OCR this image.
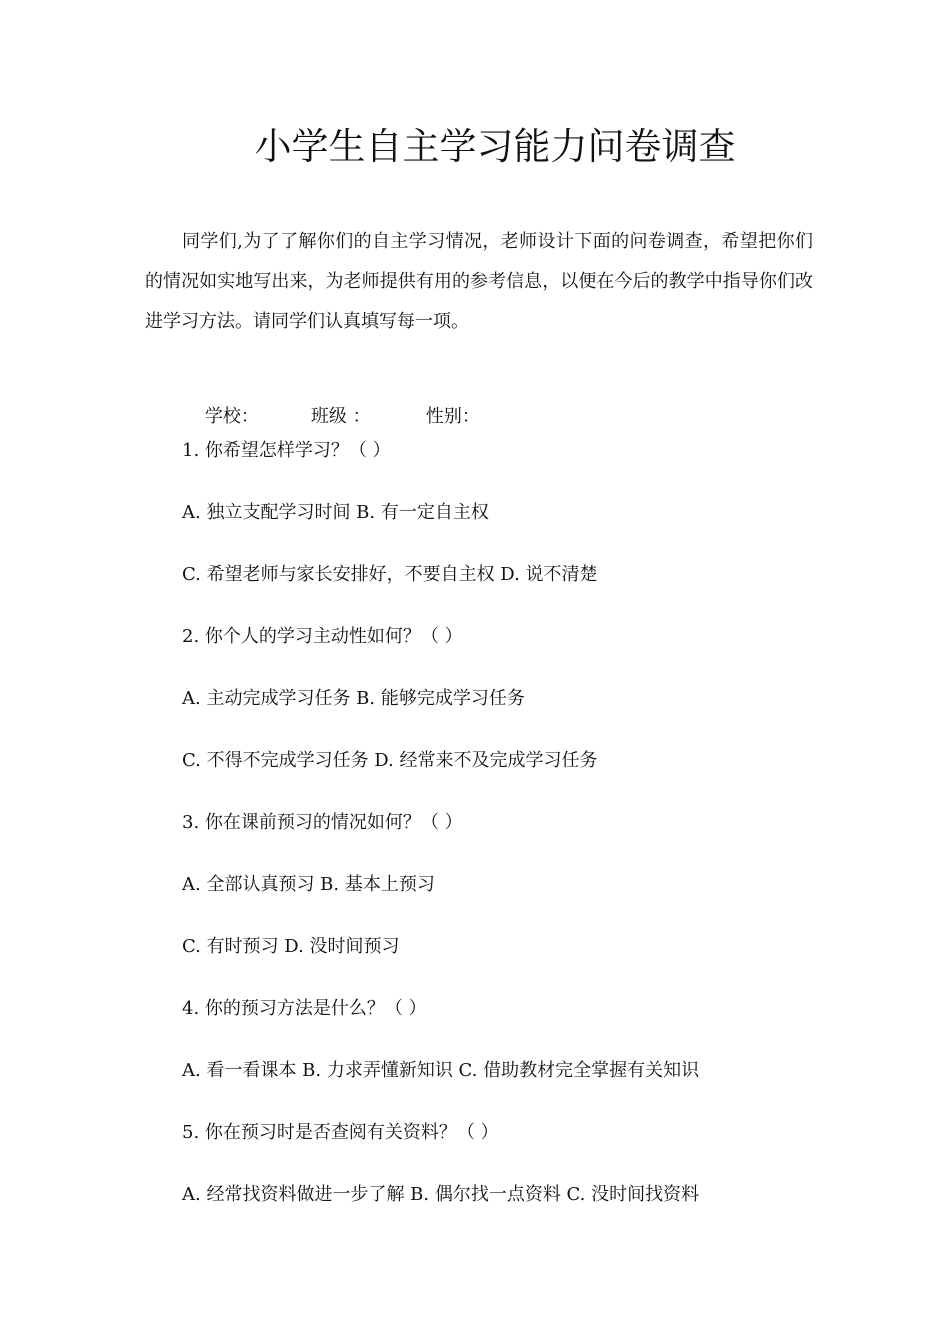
小学生自主学习能力问卷调查
同学们,为了了解你们的自主学习情况，老师设计下面的问卷调查，希望把你们的情况如实地写出来，为老师提供有用的参考信息，以便在今后的教学中指导你们改进学习方法。请同学们认真填写每一项。

学校：	班级 ：	性别：

1. 你希望怎样学习？（ ）
A. 独立支配学习时间 B. 有一定自主权
C. 希望老师与家长安排好，不要自主权 D. 说不清楚
2. 你个人的学习主动性如何？（ ）
A. 主动完成学习任务 B. 能够完成学习任务
C. 不得不完成学习任务 D. 经常来不及完成学习任务
3. 你在课前预习的情况如何？（ ）
A. 全部认真预习 B. 基本上预习
C. 有时预习 D. 没时间预习
4. 你的预习方法是什么？（ ）
A. 看一看课本 B. 力求弄懂新知识 C. 借助教材完全掌握有关知识
5. 你在预习时是否查阅有关资料？（ ）
A. 经常找资料做进一步了解 B. 偶尔找一点资料 C. 没时间找资料
